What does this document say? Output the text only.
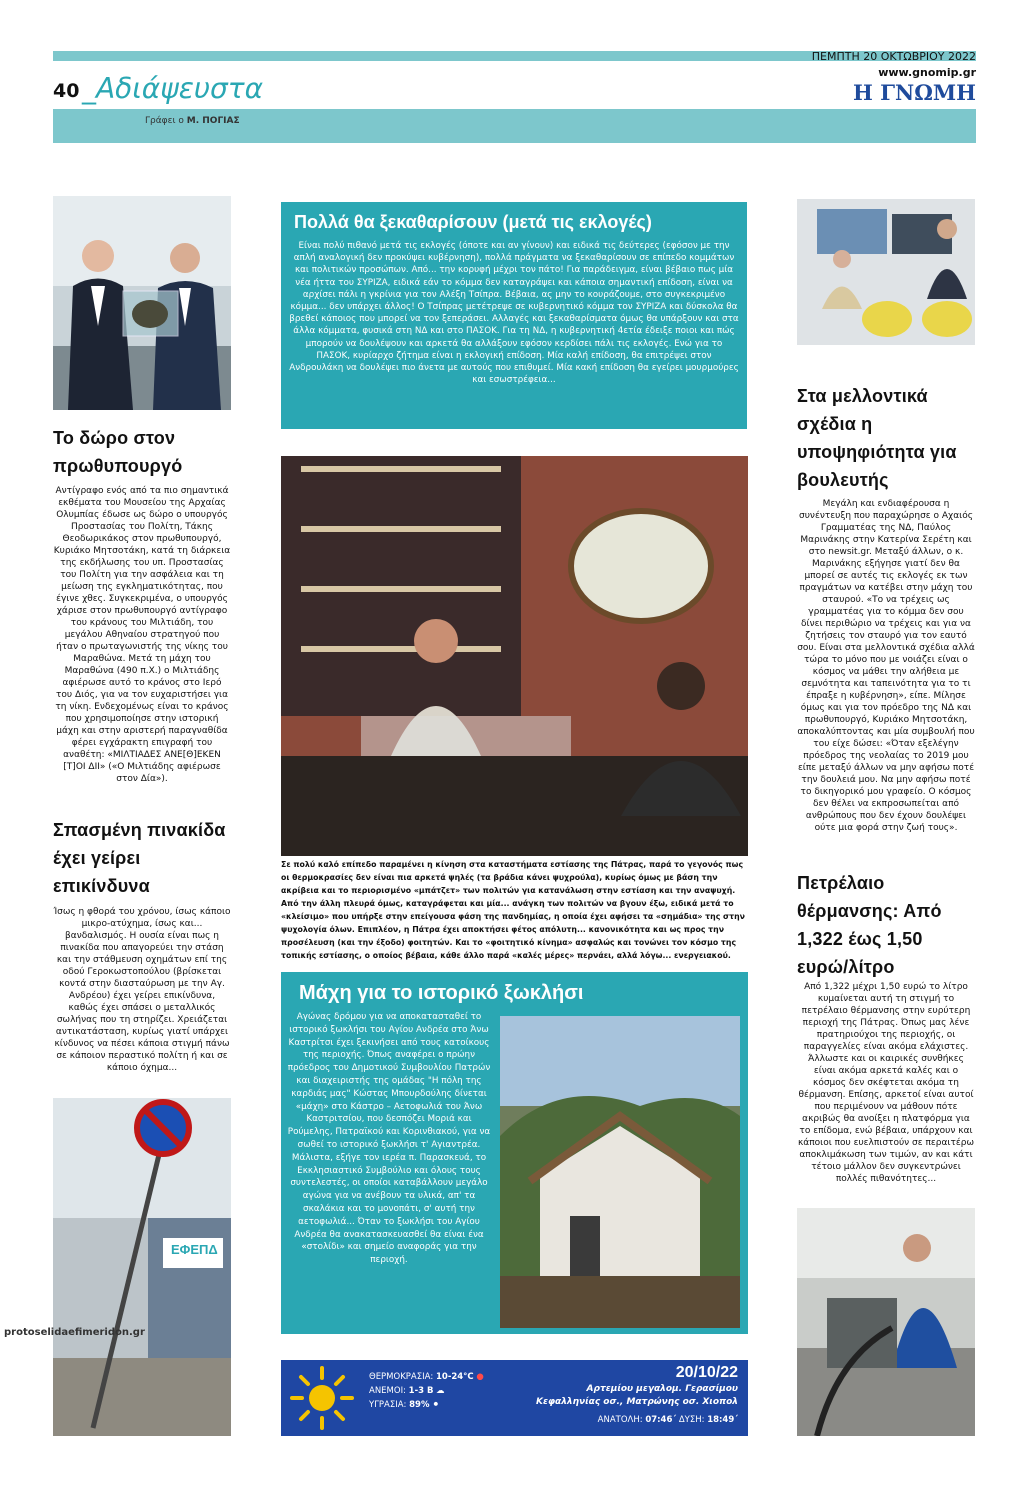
40 _Αδιάψευστα
ΠΕΜΠΤΗ 20 ΟΚΤΩΒΡΙΟΥ 2022
www.gnomip.gr
Η ΓΝΩΜΗ
Γράφει ο Μ. ΠΟΓΙΑΣ
Το δώρο στον πρωθυπουργό
Αντίγραφο ενός από τα πιο σημαντικά εκθέματα του Μουσείου της Αρχαίας Ολυμπίας έδωσε ως δώρο ο υπουργός Προστασίας του Πολίτη, Τάκης Θεοδωρικάκος στον πρωθυπουργό, Κυριάκο Μητσοτάκη, κατά τη διάρκεια της εκδήλωσης του υπ. Προστασίας του Πολίτη για την ασφάλεια και τη μείωση της εγκληματικότητας, που έγινε χθες. Συγκεκριμένα, ο υπουργός χάρισε στον πρωθυπουργό αντίγραφο του κράνους του Μιλτιάδη, του μεγάλου Αθηναίου στρατηγού που ήταν ο πρωταγωνιστής της νίκης του Μαραθώνα. Μετά τη μάχη του Μαραθώνα (490 π.Χ.) ο Μιλτιάδης αφιέρωσε αυτό το κράνος στο Ιερό του Διός, για να τον ευχαριστήσει για τη νίκη. Ενδεχομένως είναι το κράνος που χρησιμοποίησε στην ιστορική μάχη και στην αριστερή παραγναθίδα φέρει εγχάρακτη επιγραφή του αναθέτη: «ΜΙΛΤΙΑΔΕΣ ΑΝΕ[Θ]ΕΚΕΝ [Τ]ΟΙ ΔΙΙ» («Ο Μιλτιάδης αφιέρωσε στον Δία»).
Σπασμένη πινακίδα έχει γείρει επικίνδυνα
Ίσως η φθορά του χρόνου, ίσως κάποιο μικρο-ατύχημα, ίσως και... βανδαλισμός. Η ουσία είναι πως η πινακίδα που απαγορεύει την στάση και την στάθμευση οχημάτων επί της οδού Γεροκωστοπούλου (βρίσκεται κοντά στην διασταύρωση με την Αγ. Ανδρέου) έχει γείρει επικίνδυνα, καθώς έχει σπάσει ο μεταλλικός σωλήνας που τη στηρίζει. Χρειάζεται αντικατάσταση, κυρίως γιατί υπάρχει κίνδυνος να πέσει κάποια στιγμή πάνω σε κάποιον περαστικό πολίτη ή και σε κάποιο όχημα...
ΕΦΕΠΔ
protoselidaefimeridon.gr
Πολλά θα ξεκαθαρίσουν (μετά τις εκλογές)
Είναι πολύ πιθανό μετά τις εκλογές (όποτε και αν γίνουν) και ειδικά τις δεύτερες (εφόσον με την απλή αναλογική δεν προκύψει κυβέρνηση), πολλά πράγματα να ξεκαθαρίσουν σε επίπεδο κομμάτων και πολιτικών προσώπων. Από... την κορυφή μέχρι τον πάτο! Για παράδειγμα, είναι βέβαιο πως μία νέα ήττα του ΣΥΡΙΖΑ, ειδικά εάν το κόμμα δεν καταγράψει και κάποια σημαντική επίδοση, είναι να αρχίσει πάλι η γκρίνια για τον Αλέξη Τσίπρα. Βέβαια, ας μην το κουράζουμε, στο συγκεκριμένο κόμμα... δεν υπάρχει άλλος! Ο Τσίπρας μετέτρεψε σε κυβερνητικό κόμμα τον ΣΥΡΙΖΑ και δύσκολα θα βρεθεί κάποιος που μπορεί να τον ξεπεράσει. Αλλαγές και ξεκαθαρίσματα όμως θα υπάρξουν και στα άλλα κόμματα, φυσικά στη ΝΔ και στο ΠΑΣΟΚ. Για τη ΝΔ, η κυβερνητική 4ετία έδειξε ποιοι και πώς μπορούν να δουλέψουν και αρκετά θα αλλάξουν εφόσον κερδίσει πάλι τις εκλογές. Ενώ για το ΠΑΣΟΚ, κυρίαρχο ζήτημα είναι η εκλογική επίδοση. Μία καλή επίδοση, θα επιτρέψει στον Ανδρουλάκη να δουλέψει πιο άνετα με αυτούς που επιθυμεί. Μία κακή επίδοση θα εγείρει μουρμούρες και εσωστρέφεια...
Σε πολύ καλό επίπεδο παραμένει η κίνηση στα καταστήματα εστίασης της Πάτρας, παρά το γεγονός πως οι θερμοκρασίες δεν είναι πια αρκετά ψηλές (τα βράδια κάνει ψυχρούλα), κυρίως όμως με βάση την ακρίβεια και το περιορισμένο «μπάτζετ» των πολιτών για κατανάλωση στην εστίαση και την αναψυχή. Από την άλλη πλευρά όμως, καταγράφεται και μία... ανάγκη των πολιτών να βγουν έξω, ειδικά μετά το «κλείσιμο» που υπήρξε στην επείγουσα φάση της πανδημίας, η οποία έχει αφήσει τα «σημάδια» της στην ψυχολογία όλων. Επιπλέον, η Πάτρα έχει αποκτήσει φέτος απόλυτη... κανονικότητα και ως προς την προσέλευση (και την έξοδο) φοιτητών. Και το «φοιτητικό κίνημα» ασφαλώς και τονώνει τον κόσμο της τοπικής εστίασης, ο οποίος βέβαια, κάθε άλλο παρά «καλές μέρες» περνάει, αλλά λόγω... ενεργειακού.
Μάχη για το ιστορικό ξωκλήσι
Αγώνας δρόμου για να αποκατασταθεί το ιστορικό ξωκλήσι του Αγίου Ανδρέα στο Άνω Καστρίτσι έχει ξεκινήσει από τους κατοίκους της περιοχής. Όπως αναφέρει ο πρώην πρόεδρος του Δημοτικού Συμβουλίου Πατρών και διαχειριστής της ομάδας "Η πόλη της καρδιάς μας" Κώστας Μπουρδούλης δίνεται «μάχη» στο Κάστρο – Αετοφωλιά του Άνω Καστριτσίου, που δεσπόζει Μοριά και Ρούμελης, Πατραϊκού και Κορινθιακού, για να σωθεί το ιστορικό ξωκλήσι τ' Αγιαντρέα. Μάλιστα, εξήγε τον ιερέα π. Παρασκευά, το Εκκλησιαστικό Συμβούλιο και όλους τους συντελεστές, οι οποίοι καταβάλλουν μεγάλο αγώνα για να ανέβουν τα υλικά, απ' τα σκαλάκια και το μονοπάτι, σ' αυτή την αετοφωλιά... Όταν το ξωκλήσι του Αγίου Ανδρέα θα ανακατασκευασθεί θα είναι ένα «στολίδι» και σημείο αναφοράς για την περιοχή.
ΘΕΡΜΟΚΡΑΣΙΑ: 10-24°C ●
ΑΝΕΜΟΙ: 1-3 Β ☁
ΥΓΡΑΣΙΑ: 89% ⚫
20/10/22
Αρτεμίου μεγαλομ. Γερασίμου
Κεφαλληνίας οσ., Ματρώνης οσ. Χιοπολ
ΑΝΑΤΟΛΗ: 07:46΄ ΔΥΣΗ: 18:49΄
Στα μελλοντικά σχέδια η υποψηφιότητα για βουλευτής
Μεγάλη και ενδιαφέρουσα η συνέντευξη που παραχώρησε ο Αχαιός Γραμματέας της ΝΔ, Παύλος Μαρινάκης στην Κατερίνα Σερέτη και στο newsit.gr. Μεταξύ άλλων, ο κ. Μαρινάκης εξήγησε γιατί δεν θα μπορεί σε αυτές τις εκλογές εκ των πραγμάτων να κατέβει στην μάχη του σταυρού. «Το να τρέχεις ως γραμματέας για το κόμμα δεν σου δίνει περιθώριο να τρέχεις και για να ζητήσεις τον σταυρό για τον εαυτό σου. Είναι στα μελλοντικά σχέδια αλλά τώρα το μόνο που με νοιάζει είναι ο κόσμος να μάθει την αλήθεια με σεμνότητα και ταπεινότητα για το τι έπραξε η κυβέρνηση», είπε. Μίλησε όμως και για τον πρόεδρο της ΝΔ και πρωθυπουργό, Κυριάκο Μητσοτάκη, αποκαλύπτοντας και μία συμβουλή που του είχε δώσει: «Όταν εξελέγην πρόεδρος της νεολαίας το 2019 μου είπε μεταξύ άλλων να μην αφήσω ποτέ την δουλειά μου. Να μην αφήσω ποτέ το δικηγορικό μου γραφείο. Ο κόσμος δεν θέλει να εκπροσωπείται από ανθρώπους που δεν έχουν δουλέψει ούτε μια φορά στην ζωή τους».
Πετρέλαιο θέρμανσης: Από 1,322 έως 1,50 ευρώ/λίτρο
Από 1,322 μέχρι 1,50 ευρώ το λίτρο κυμαίνεται αυτή τη στιγμή το πετρέλαιο θέρμανσης στην ευρύτερη περιοχή της Πάτρας. Όπως μας λένε πρατηριούχοι της περιοχής, οι παραγγελίες είναι ακόμα ελάχιστες. Άλλωστε και οι καιρικές συνθήκες είναι ακόμα αρκετά καλές και ο κόσμος δεν σκέφτεται ακόμα τη θέρμανση. Επίσης, αρκετοί είναι αυτοί που περιμένουν να μάθουν πότε ακριβώς θα ανοίξει η πλατφόρμα για το επίδομα, ενώ βέβαια, υπάρχουν και κάποιοι που ευελπιστούν σε περαιτέρω αποκλιμάκωση των τιμών, αν και κάτι τέτοιο μάλλον δεν συγκεντρώνει πολλές πιθανότητες...
